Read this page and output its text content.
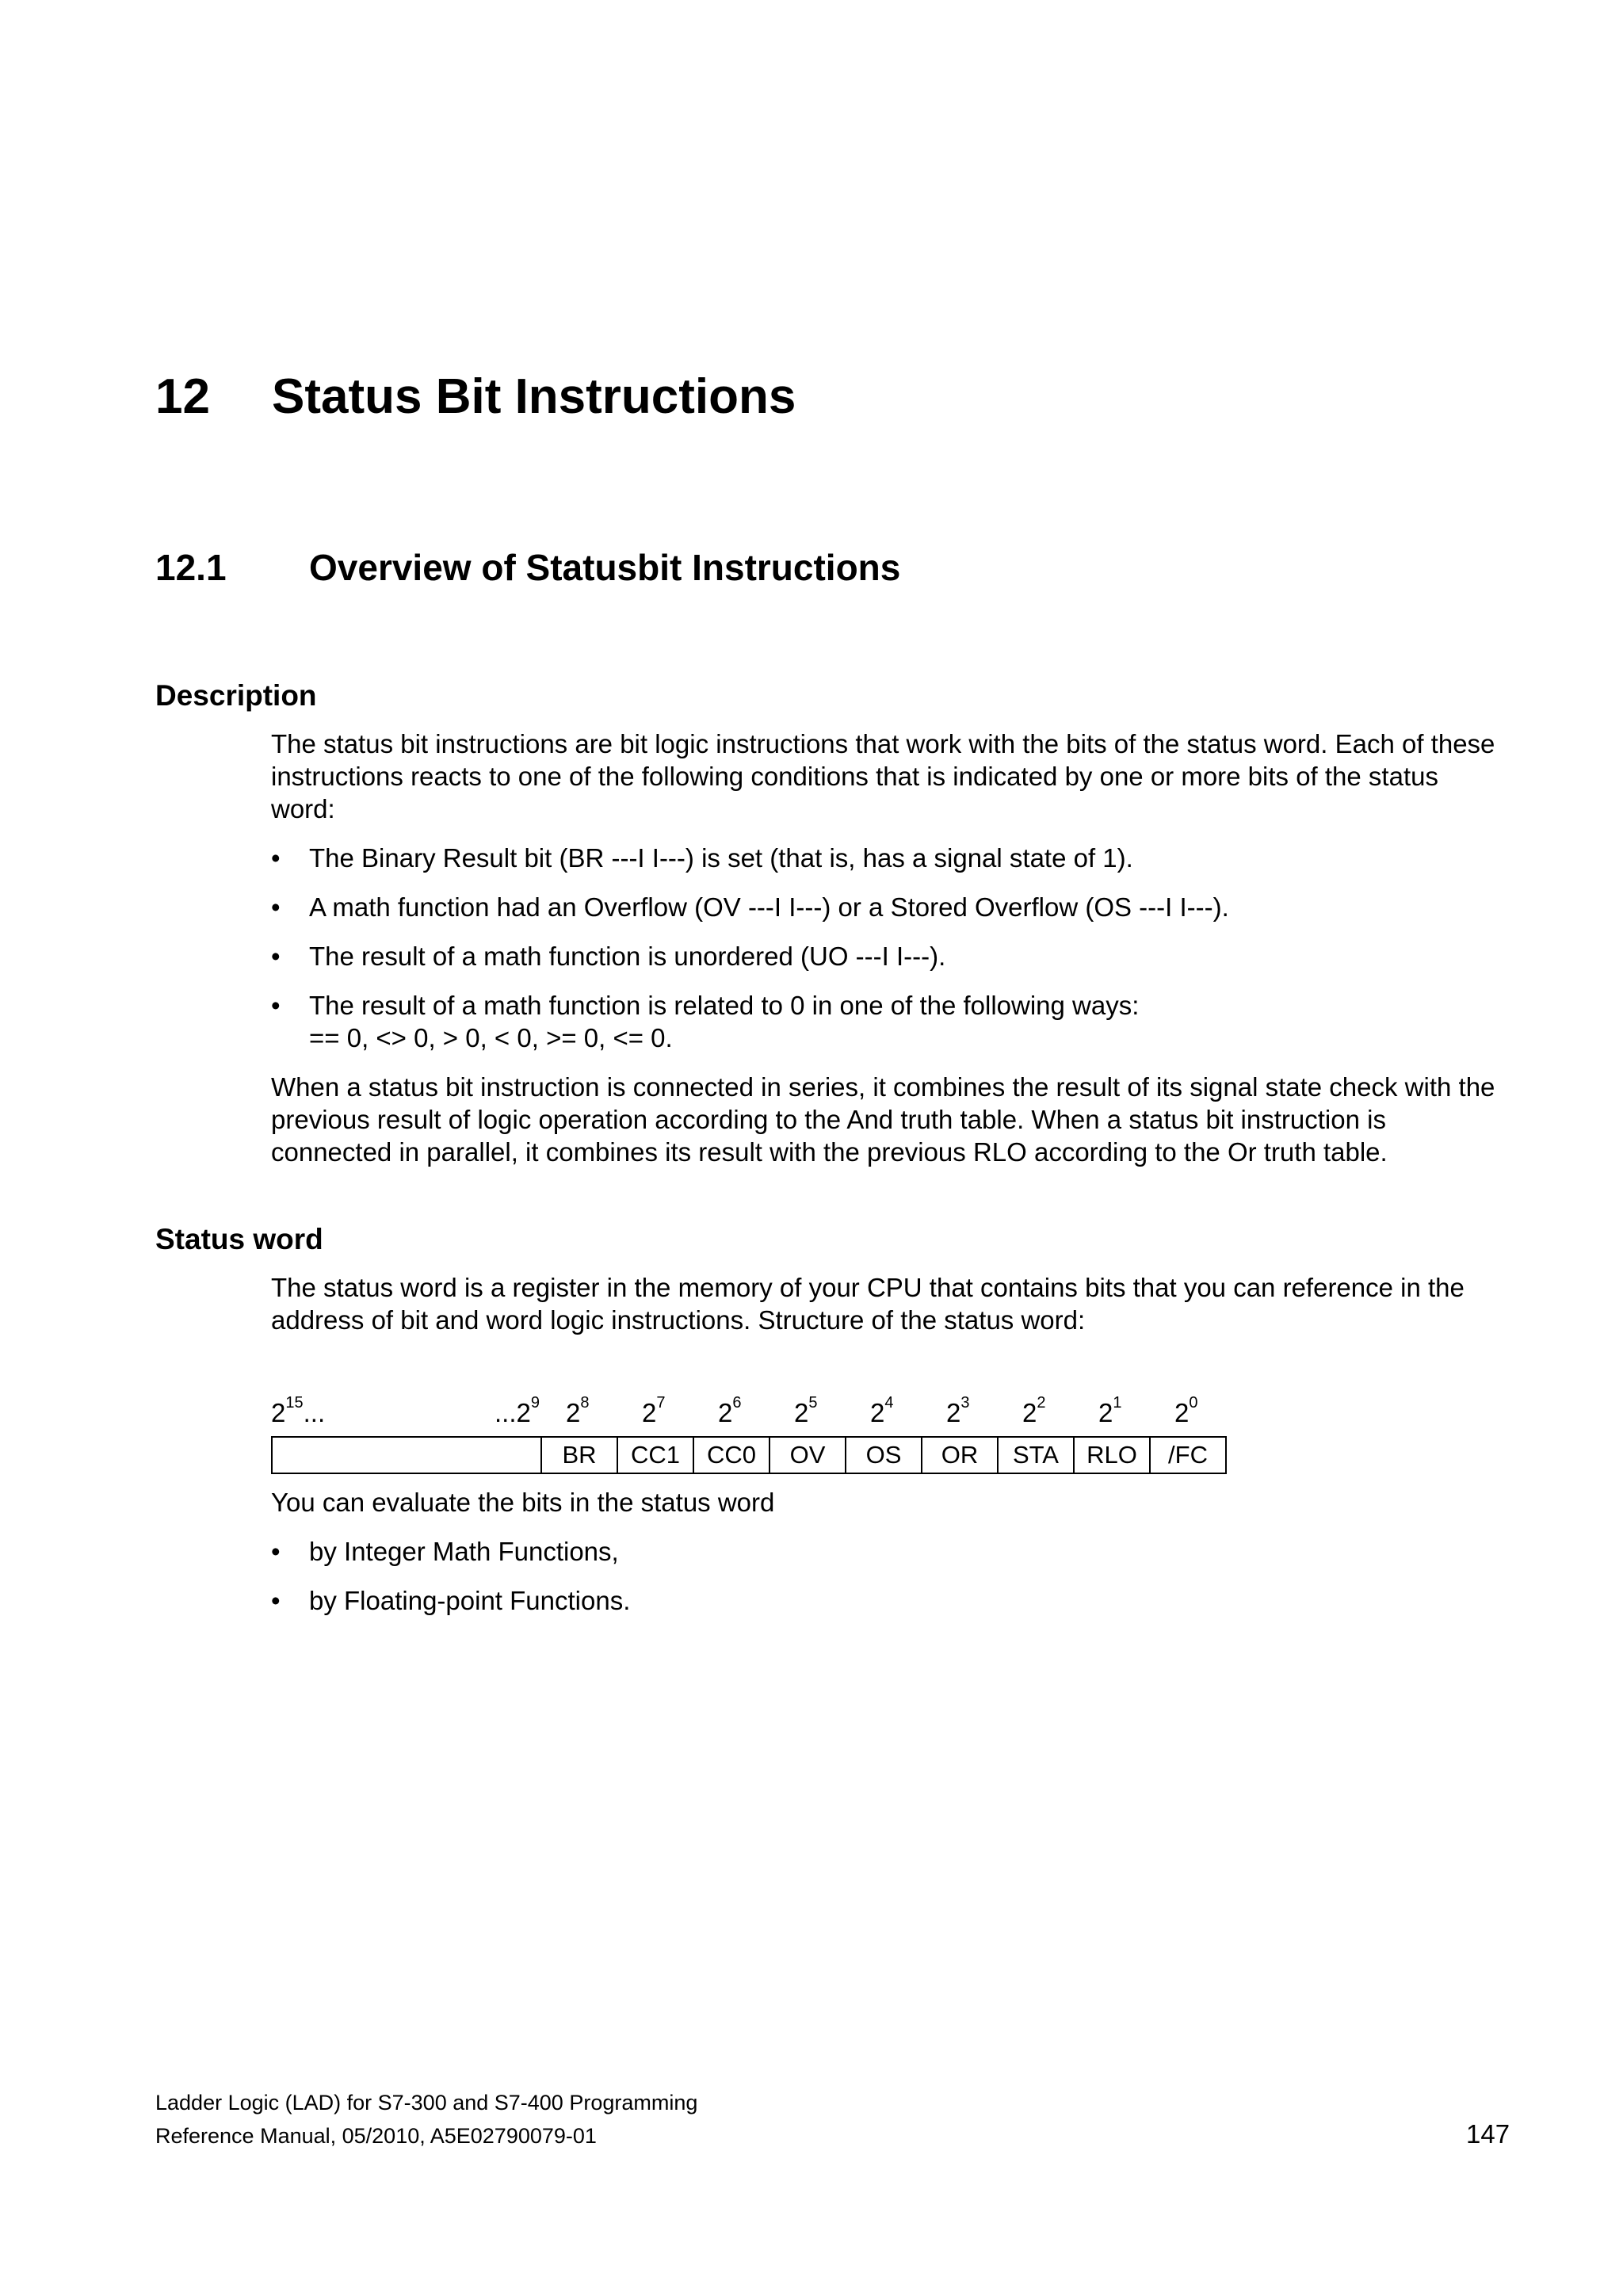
12 Status Bit Instructions
12.1 Overview of Statusbit Instructions
Description

The status bit instructions are bit logic instructions that work with the bits of the status word. Each of these instructions reacts to one of the following conditions that is indicated by one or more bits of the status word:

• The Binary Result bit (BR ---I I---) is set (that is, has a signal state of 1).
• A math function had an Overflow (OV ---I I---) or a Stored Overflow (OS ---I I---).
• The result of a math function is unordered (UO ---I I---).
• The result of a math function is related to 0 in one of the following ways:
== 0, <> 0, > 0, < 0, >= 0, <= 0.

When a status bit instruction is connected in series, it combines the result of its signal state check with the previous result of logic operation according to the And truth table. When a status bit instruction is connected in parallel, it combines its result with the previous RLO according to the Or truth table.

Status word
The status word is a register in the memory of your CPU that contains bits that you can reference in the address of bit and word logic instructions. Structure of the status word:
$2^{15}$...	...2$^9$ $2^8$ $2^7$ $2^6$ $2^5$ $2^4$ $2^3$ $2^2$ $2^1$ $2^0$
	BR	CC1	CC0	OV	OS	OR	STA	RLO	/FC

You can evaluate the bits in the status word

• by Integer Math Functions,
• by Floating-point Functions.
Ladder Logic (LAD) for S7-300 and S7-400 Programming
Reference Manual, 05/2010, A5E02790079-01	147
